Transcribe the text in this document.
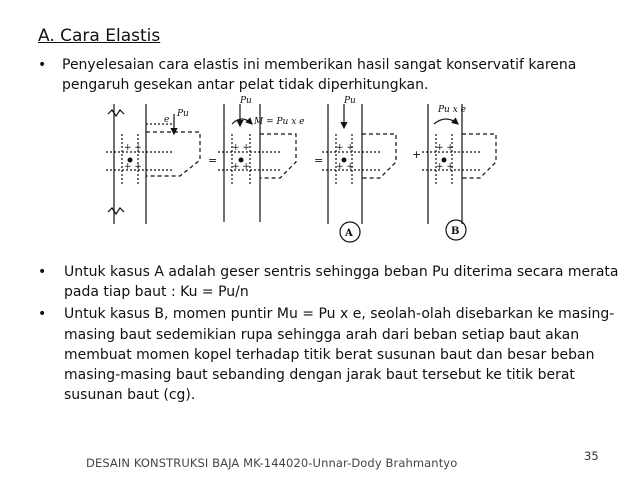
A. Cara Elastis
•	Penyelesaian cara elastis ini memberikan hasil sangat konservatif karena pengaruh gesekan antar pelat tidak diperhitungkan.
+ +
+ +
e
Pu
=
+ +
+ +
Pu
M = Pu x e
=
+ +
+ +
Pu
A
+ + +
+ +
Pu x e
B
•	Untuk kasus A adalah geser sentris sehingga beban Pu diterima secara merata pada tiap baut : Ku = Pu/n
•	Untuk kasus B, momen puntir Mu = Pu x e, seolah-olah disebarkan ke masing-masing baut sedemikian rupa sehingga arah dari beban setiap baut akan membuat momen kopel terhadap titik berat susunan baut dan besar beban masing-masing baut sebanding dengan jarak baut tersebut ke titik berat susunan baut (cg).
DESAIN KONSTRUKSI BAJA MK-144020-Unnar-Dody Brahmantyo	35
